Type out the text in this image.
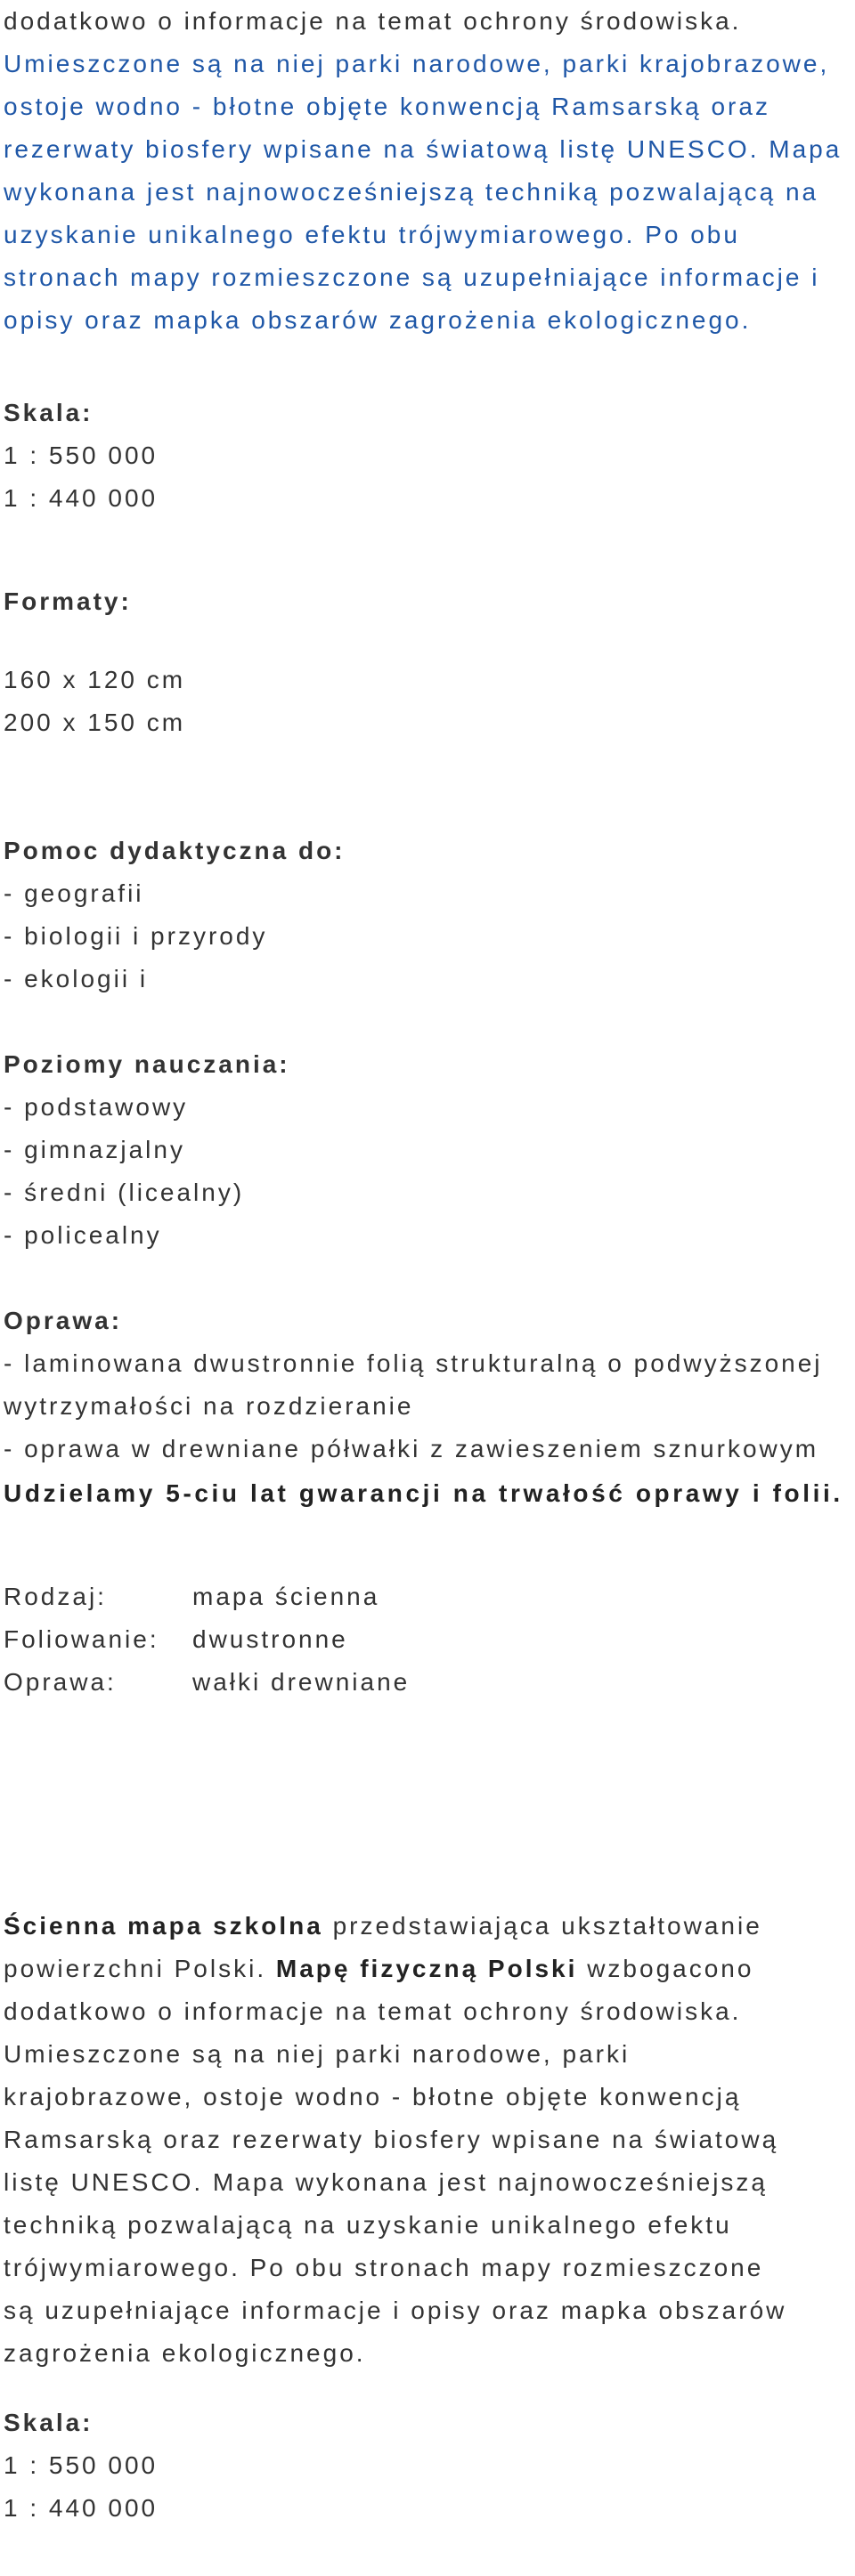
dodatkowo o informacje na temat ochrony środowiska.
Umieszczone są na niej parki narodowe, parki krajobrazowe,
ostoje wodno - błotne objęte konwencją Ramsarską oraz
rezerwaty biosfery wpisane na światową listę UNESCO. Mapa
wykonana jest najnowocześniejszą techniką pozwalającą na
uzyskanie unikalnego efektu trójwymiarowego. Po obu
stronach mapy rozmieszczone są uzupełniające informacje i
opisy oraz mapka obszarów zagrożenia ekologicznego.
Skala:
1 : 550 000
1 : 440 000
Formaty:
160 x 120 cm
200 x 150 cm
Pomoc dydaktyczna do:
- geografii
- biologii i przyrody
- ekologii i
Poziomy nauczania:
- podstawowy
- gimnazjalny
- średni (licealny)
- policealny
Oprawa:
- laminowana dwustronnie folią strukturalną o podwyższonej
wytrzymałości na rozdzieranie
- oprawa w drewniane półwałki z zawieszeniem sznurkowym
Udzielamy 5-ciu lat gwarancji na trwałość oprawy i folii.
Rodzaj:	mapa ścienna
Foliowanie:	dwustronne
Oprawa:	wałki drewniane
Ścienna mapa szkolna przedstawiająca ukształtowanie
powierzchni Polski. Mapę fizyczną Polski wzbogacono
dodatkowo o informacje na temat ochrony środowiska.
Umieszczone są na niej parki narodowe, parki
krajobrazowe, ostoje wodno - błotne objęte konwencją
Ramsarską oraz rezerwaty biosfery wpisane na światową
listę UNESCO. Mapa wykonana jest najnowocześniejszą
techniką pozwalającą na uzyskanie unikalnego efektu
trójwymiarowego. Po obu stronach mapy rozmieszczone
są uzupełniające informacje i opisy oraz mapka obszarów
zagrożenia ekologicznego.
Skala:
1 : 550 000
1 : 440 000
